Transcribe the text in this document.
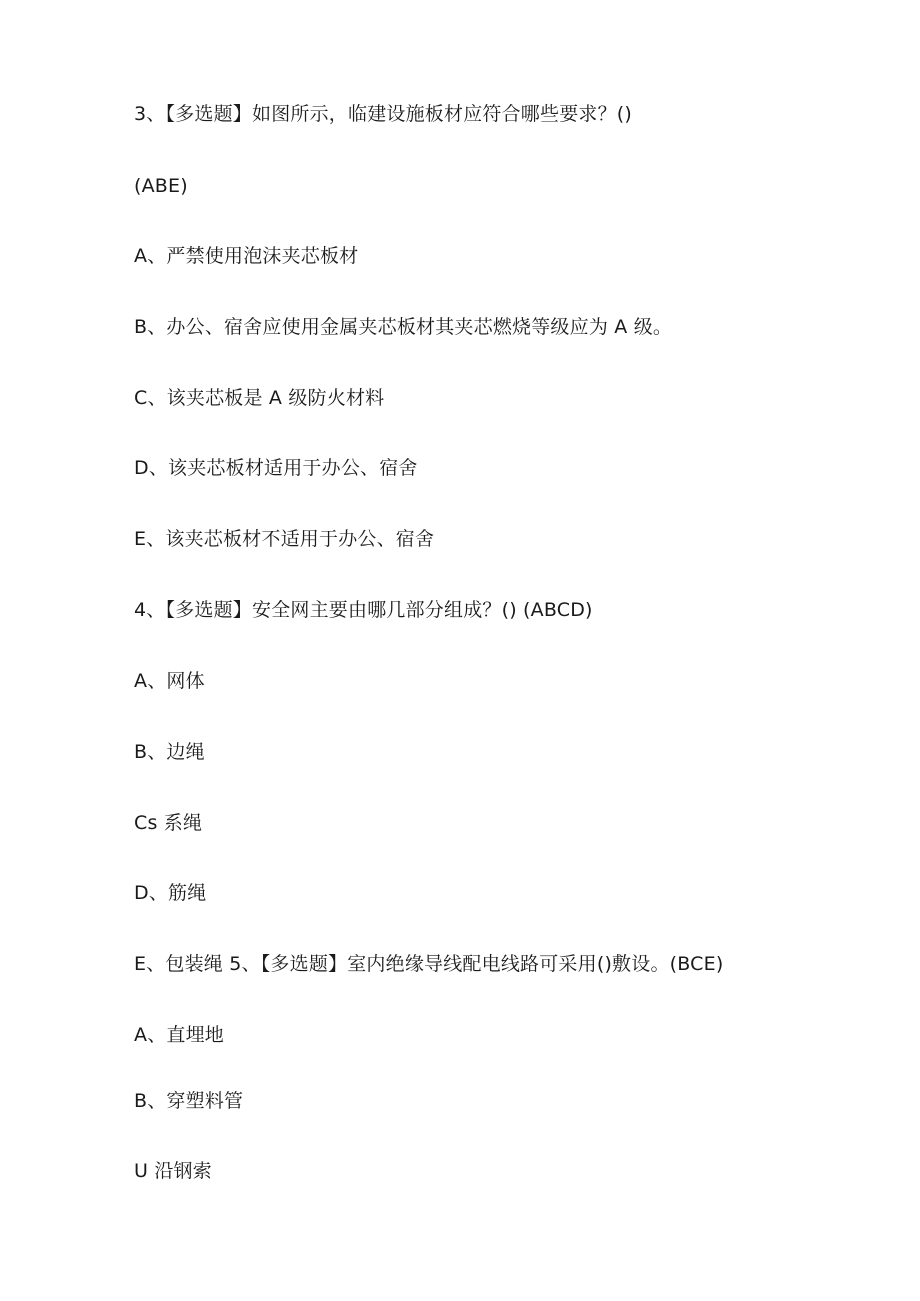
3、【多选题】如图所示，临建设施板材应符合哪些要求？()
(ABE)
A、严禁使用泡沫夹芯板材
B、办公、宿舍应使用金属夹芯板材其夹芯燃烧等级应为 A 级。
C、该夹芯板是 A 级防火材料
D、该夹芯板材适用于办公、宿舍
E、该夹芯板材不适用于办公、宿舍
4、【多选题】安全网主要由哪几部分组成？() (ABCD)
A、网体
B、边绳
Cs 系绳
D、筋绳
E、包装绳 5、【多选题】室内绝缘导线配电线路可采用()敷设。(BCE)
A、直埋地
B、穿塑料管
U 沿钢索
